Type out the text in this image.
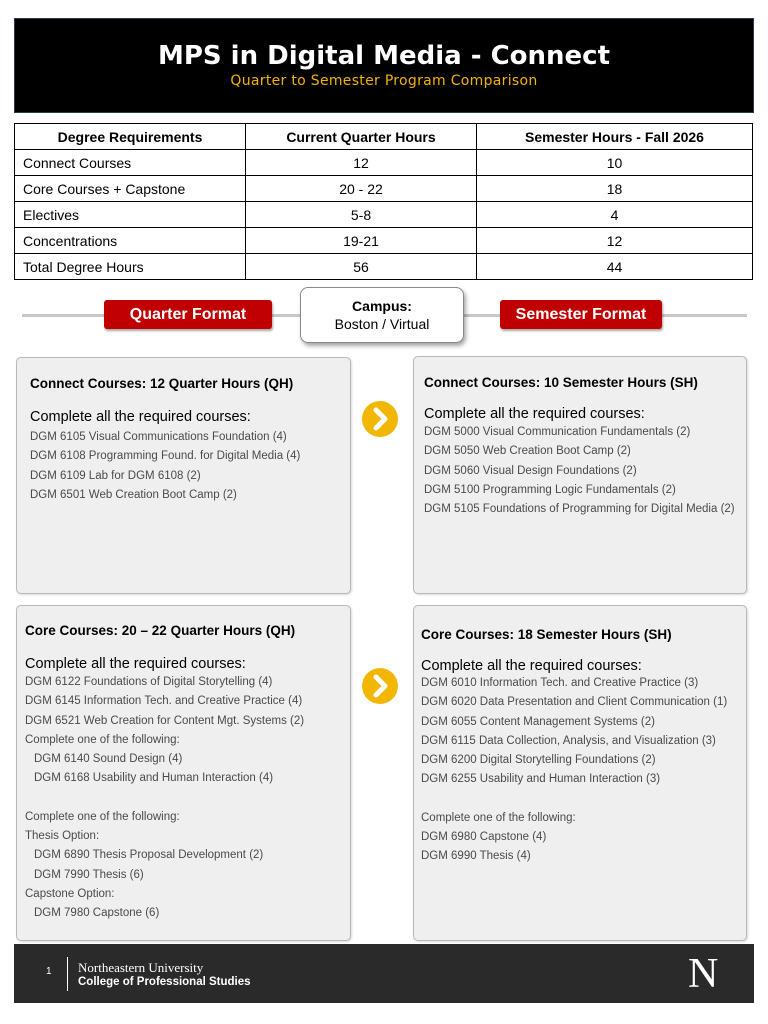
MPS in Digital Media - Connect
Quarter to Semester Program Comparison
Degree Requirements	Current Quarter Hours	Semester Hours - Fall 2026
Connect Courses	12	10
Core Courses + Capstone	20 - 22	18
Electives	5-8	4
Concentrations	19-21	12
Total Degree Hours	56	44
Quarter Format	Semester Format
Campus:
Boston / Virtual
Connect Courses: 12 Quarter Hours (QH)
Complete all the required courses:
DGM 6105 Visual Communications Foundation (4)
DGM 6108 Programming Found. for Digital Media (4)
DGM 6109 Lab for DGM 6108 (2)
DGM 6501 Web Creation Boot Camp (2)
Connect Courses: 10 Semester Hours (SH)
Complete all the required courses:
DGM 5000 Visual Communication Fundamentals (2)
DGM 5050 Web Creation Boot Camp (2)
DGM 5060 Visual Design Foundations (2)
DGM 5100 Programming Logic Fundamentals (2)
DGM 5105 Foundations of Programming for Digital Media (2)
Core Courses: 20 – 22 Quarter Hours (QH)
Complete all the required courses:
DGM 6122 Foundations of Digital Storytelling (4)
DGM 6145 Information Tech. and Creative Practice (4)
DGM 6521 Web Creation for Content Mgt. Systems (2)
Complete one of the following:
DGM 6140 Sound Design (4)
DGM 6168 Usability and Human Interaction (4)
Complete one of the following:
Thesis Option:
DGM 6890 Thesis Proposal Development (2)
DGM 7990 Thesis (6)
Capstone Option:
DGM 7980 Capstone (6)
Core Courses: 18 Semester Hours (SH)
Complete all the required courses:
DGM 6010 Information Tech. and Creative Practice (3)
DGM 6020 Data Presentation and Client Communication (1)
DGM 6055 Content Management Systems (2)
DGM 6115 Data Collection, Analysis, and Visualization (3)
DGM 6200 Digital Storytelling Foundations (2)
DGM 6255 Usability and Human Interaction (3)
Complete one of the following:
DGM 6980 Capstone (4)
DGM 6990 Thesis (4)
1 Northeastern University
College of Professional Studies	N
